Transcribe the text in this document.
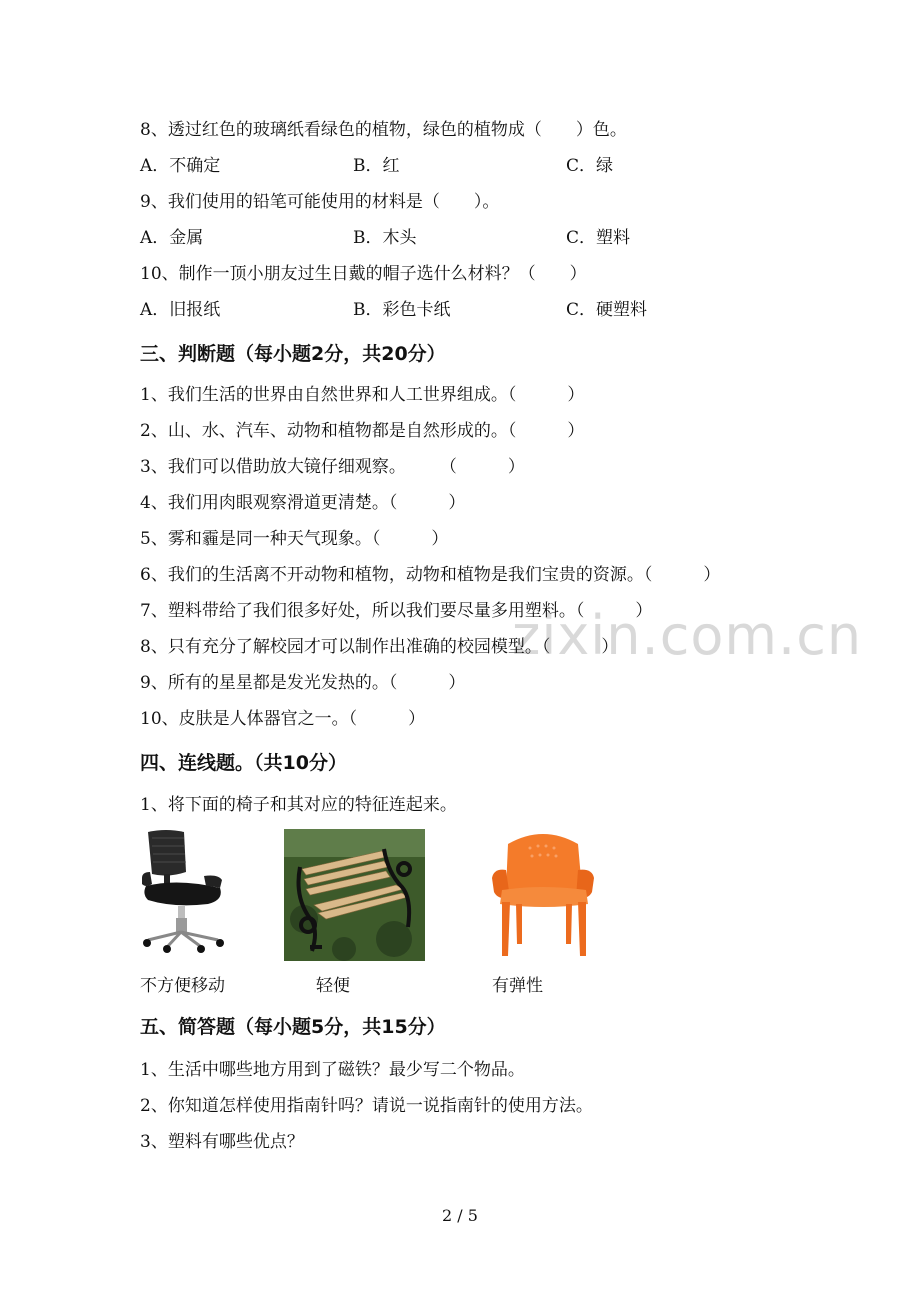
zixin.com.cn
8、透过红色的玻璃纸看绿色的植物，绿色的植物成（　　）色。
A．不确定	B．红	C．绿
9、我们使用的铅笔可能使用的材料是（　　）。
A．金属	B．木头	C．塑料
10、制作一顶小朋友过生日戴的帽子选什么材料？（　　）
A．旧报纸	B．彩色卡纸	C．硬塑料
三、判断题（每小题2分，共20分）
1、我们生活的世界由自然世界和人工世界组成。（　　　）
2、山、水、汽车、动物和植物都是自然形成的。（　　　）
3、我们可以借助放大镜仔细观察。　　　（　　　）
4、我们用肉眼观察滑道更清楚。（　　　）
5、雾和霾是同一种天气现象。（　　　）
6、我们的生活离不开动物和植物，动物和植物是我们宝贵的资源。（　　　）
7、塑料带给了我们很多好处，所以我们要尽量多用塑料。（　　　）
8、只有充分了解校园才可以制作出准确的校园模型。（　　　）
9、所有的星星都是发光发热的。（　　　）
10、皮肤是人体器官之一。（　　　）
四、连线题。（共10分）
1、将下面的椅子和其对应的特征连起来。
不方便移动	轻便	有弹性
五、简答题（每小题5分，共15分）
1、生活中哪些地方用到了磁铁？最少写二个物品。
2、你知道怎样使用指南针吗？请说一说指南针的使用方法。
3、塑料有哪些优点？
2 / 5
